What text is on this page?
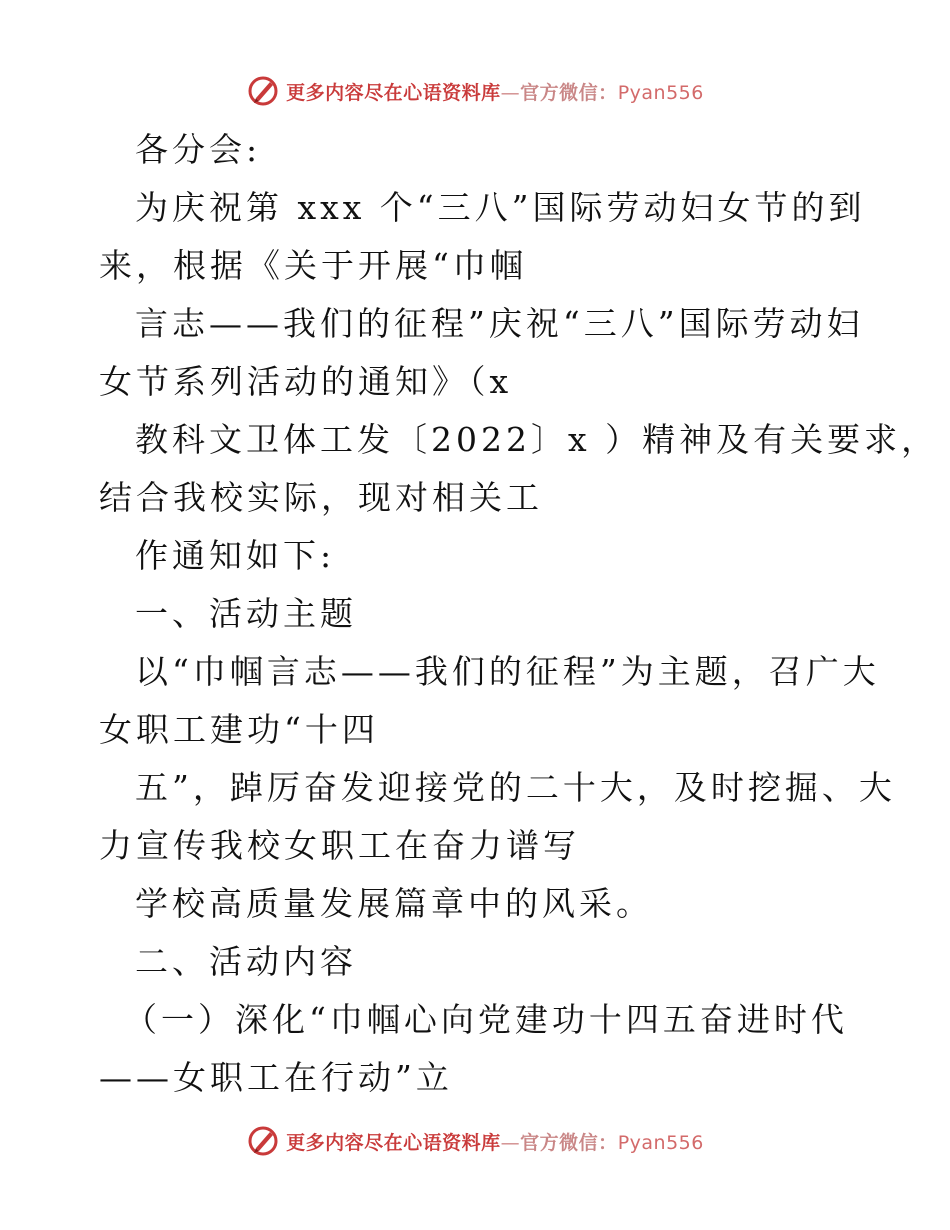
更多内容尽在心语资料库—官方微信：Pyan556
各分会:
为庆祝第 xxx 个“三八”国际劳动妇女节的到
来，根据《关于开展“巾帼
言志——我们的征程”庆祝“三八”国际劳动妇
女节系列活动的通知》（x
教科文卫体工发〔2022〕x ）精神及有关要求，
结合我校实际，现对相关工
作通知如下:
一、活动主题
以“巾帼言志——我们的征程”为主题，召广大
女职工建功“十四
五”，踔厉奋发迎接党的二十大，及时挖掘、大
力宣传我校女职工在奋力谱写
学校高质量发展篇章中的风采。
二、活动内容
（一）深化“巾帼心向党建功十四五奋进时代
——女职工在行动”立
更多内容尽在心语资料库—官方微信：Pyan556
